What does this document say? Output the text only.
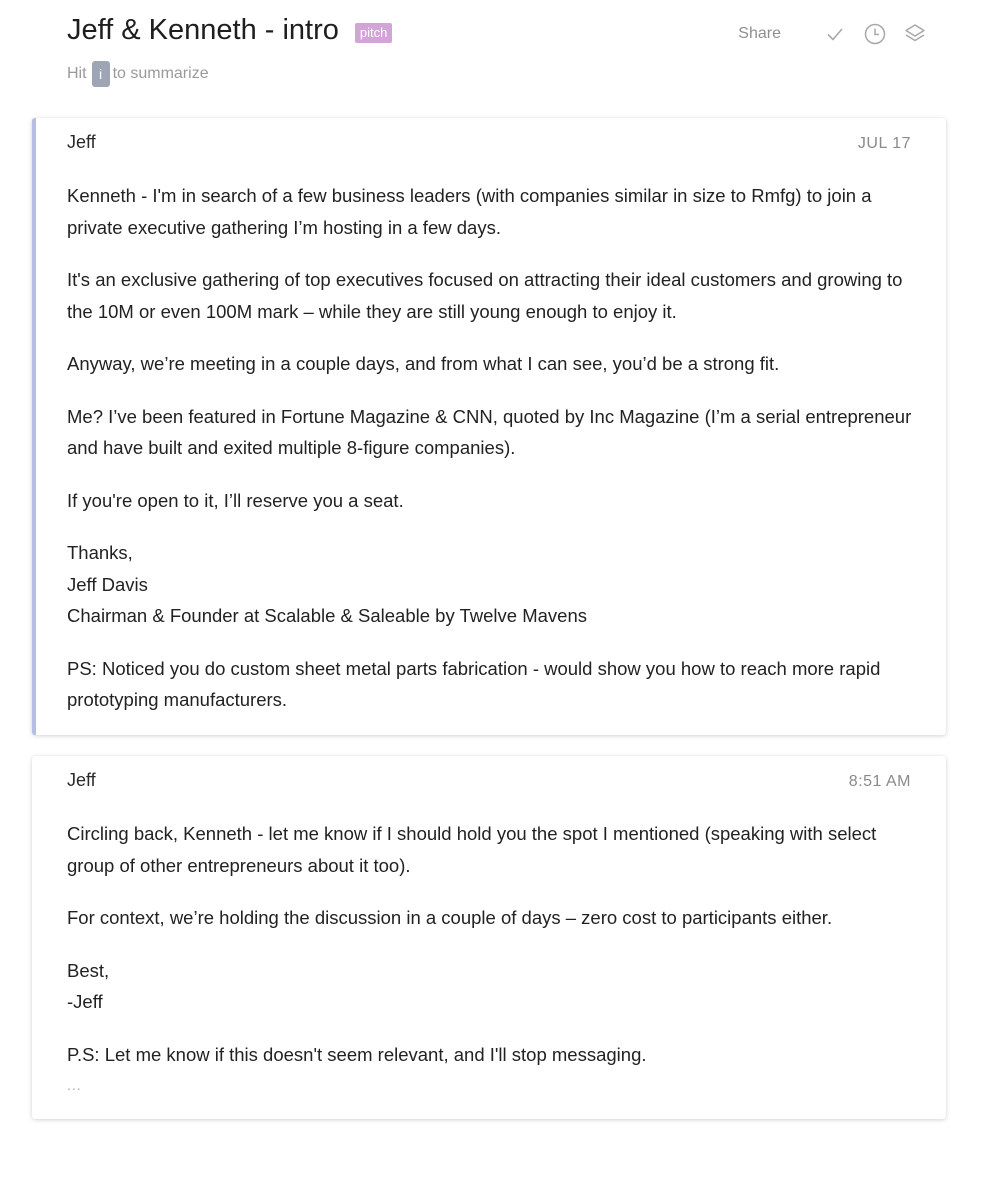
Jeff & Kenneth - intro	pitch
Hit i to summarize
Share
Jeff	JUL 17

Kenneth - I'm in search of a few business leaders (with companies similar in size to Rmfg) to join a private executive gathering I’m hosting in a few days.

It's an exclusive gathering of top executives focused on attracting their ideal customers and growing to the 10M or even 100M mark – while they are still young enough to enjoy it.

Anyway, we’re meeting in a couple days, and from what I can see, you’d be a strong fit.

Me? I’ve been featured in Fortune Magazine & CNN, quoted by Inc Magazine (I’m a serial entrepreneur and have built and exited multiple 8-figure companies).

If you're open to it, I’ll reserve you a seat.

Thanks,
Jeff Davis
Chairman & Founder at Scalable & Saleable by Twelve Mavens

PS: Noticed you do custom sheet metal parts fabrication - would show you how to reach more rapid prototyping manufacturers.

Jeff	8:51 AM

Circling back, Kenneth - let me know if I should hold you the spot I mentioned (speaking with select group of other entrepreneurs about it too).

For context, we’re holding the discussion in a couple of days – zero cost to participants either.

Best,
-Jeff

P.S: Let me know if this doesn't seem relevant, and I'll stop messaging.

...
